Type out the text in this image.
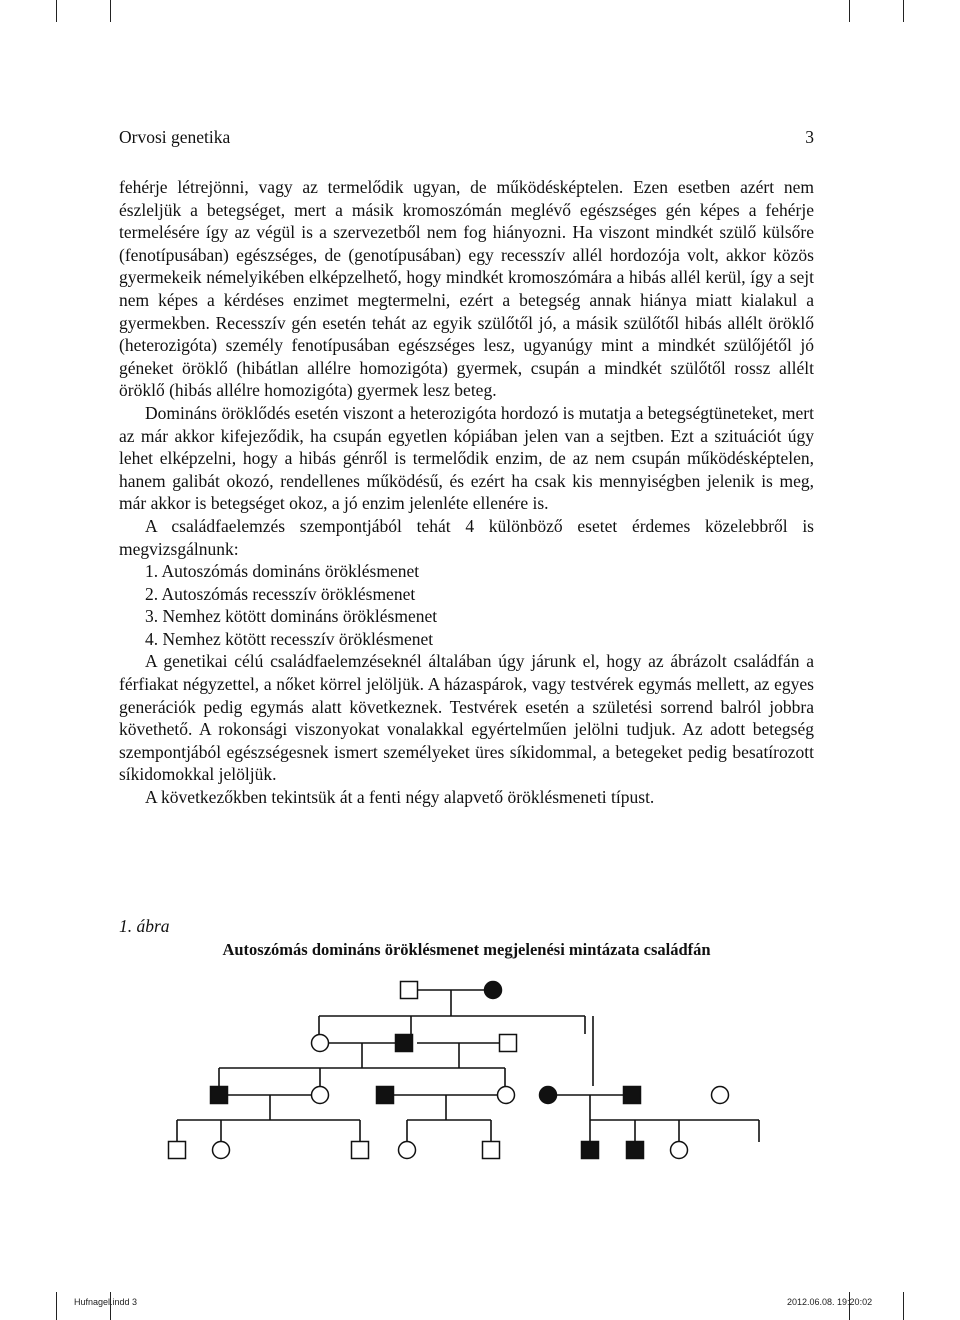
Orvosi genetika	3

fehérje létrejönni, vagy az termelődik ugyan, de működésképtelen. Ezen esetben azért nem észleljük a betegséget, mert a másik kromoszómán meglévő egészséges gén képes a fehérje termelésére így az végül is a szervezetből nem fog hiányozni. Ha viszont mindkét szülő külsőre (fenotípusában) egészséges, de (genotípusában) egy recesszív allél hordozója volt, akkor közös gyermekeik némelyikében elképzelhető, hogy mindkét kromoszómára a hibás allél kerül, így a sejt nem képes a kérdéses enzimet megtermelni, ezért a betegség annak hiánya miatt kialakul a gyermekben. Recesszív gén esetén tehát az egyik szülőtől jó, a másik szülőtől hibás allélt öröklő (heterozigóta) személy fenotípusában egészséges lesz, ugyanúgy mint a mindkét szülőjétől jó géneket öröklő (hibátlan allélre homozigóta) gyermek, csupán a mindkét szülőtől rossz allélt öröklő (hibás allélre homozigóta) gyermek lesz beteg.

Domináns öröklődés esetén viszont a heterozigóta hordozó is mutatja a betegségtüneteket, mert az már akkor kifejeződik, ha csupán egyetlen kópiában jelen van a sejtben. Ezt a szituációt úgy lehet elképzelni, hogy a hibás génről is termelődik enzim, de az nem csupán működésképtelen, hanem galibát okozó, rendellenes működésű, és ezért ha csak kis mennyiségben jelenik is meg, már akkor is betegséget okoz, a jó enzim jelenléte ellenére is.

A családfaelemzés szempontjából tehát 4 különböző esetet érdemes közelebbről is megvizsgálnunk:

1. Autoszómás domináns öröklésmenet

2. Autoszómás recesszív öröklésmenet

3. Nemhez kötött domináns öröklésmenet

4. Nemhez kötött recesszív öröklésmenet

A genetikai célú családfaelemzéseknél általában úgy járunk el, hogy az ábrázolt családfán a férfiakat négyzettel, a nőket körrel jelöljük. A házaspárok, vagy testvérek egymás mellett, az egyes generációk pedig egymás alatt következnek. Testvérek esetén a születési sorrend balról jobbra követhető. A rokonsági viszonyokat vonalakkal egyértelműen jelölni tudjuk. Az adott betegség szempontjából egészségesnek ismert személyeket üres síkidommal, a betegeket pedig besatírozott síkidomokkal jelöljük.

A következőkben tekintsük át a fenti négy alapvető öröklésmeneti típust.

1. ábra
Autoszómás domináns öröklésmenet megjelenési mintázata családfán
Hufnagel.indd 3	2012.06.08. 19:20:02
